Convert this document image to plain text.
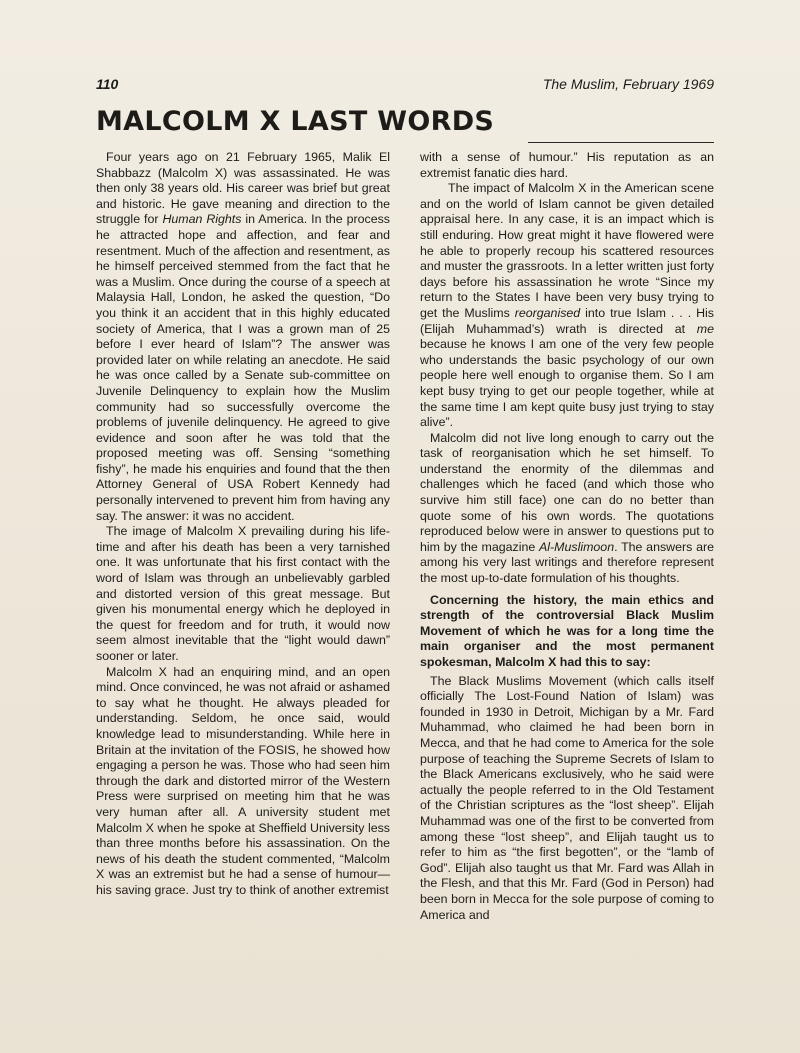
110	The Muslim, February 1969
MALCOLM X LAST WORDS

Four years ago on 21 February 1965, Malik El Shabbazz (Malcolm X) was assassinated. He was then only 38 years old. His career was brief but great and historic. He gave meaning and direction to the struggle for Human Rights in America. In the process he attracted hope and affection, and fear and resentment. Much of the affection and resentment, as he himself perceived stemmed from the fact that he was a Muslim. Once during the course of a speech at Malaysia Hall, London, he asked the question, “Do you think it an accident that in this highly educated society of America, that I was a grown man of 25 before I ever heard of Islam”? The answer was provided later on while relating an anecdote. He said he was once called by a Senate sub-committee on Juvenile Delinquency to explain how the Muslim community had so successfully overcome the problems of juvenile delinquency. He agreed to give evidence and soon after he was told that the proposed meeting was off. Sensing “something fishy”, he made his enquiries and found that the then Attorney General of USA Robert Kennedy had personally intervened to prevent him from having any say. The answer: it was no accident.

The image of Malcolm X prevailing during his life-time and after his death has been a very tarnished one. It was unfortunate that his first contact with the word of Islam was through an unbelievably garbled and distorted version of this great message. But given his monumental energy which he deployed in the quest for freedom and for truth, it would now seem almost inevitable that the “light would dawn” sooner or later.

Malcolm X had an enquiring mind, and an open mind. Once convinced, he was not afraid or ashamed to say what he thought. He always pleaded for understanding. Seldom, he once said, would knowledge lead to misunderstanding. While here in Britain at the invitation of the FOSIS, he showed how engaging a person he was. Those who had seen him through the dark and distorted mirror of the Western Press were surprised on meeting him that he was very human after all. A university student met Malcolm X when he spoke at Sheffield University less than three months before his assassination. On the news of his death the student commented, “Malcolm X was an extremist but he had a sense of humour—his saving grace. Just try to think of another extremist

with a sense of humour.” His reputation as an extremist fanatic dies hard.

The impact of Malcolm X in the American scene and on the world of Islam cannot be given detailed appraisal here. In any case, it is an impact which is still enduring. How great might it have flowered were he able to properly recoup his scattered resources and muster the grassroots. In a letter written just forty days before his assassination he wrote “Since my return to the States I have been very busy trying to get the Muslims reorganised into true Islam . . . His (Elijah Muhammad’s) wrath is directed at me because he knows I am one of the very few people who understands the basic psychology of our own people here well enough to organise them. So I am kept busy trying to get our people together, while at the same time I am kept quite busy just trying to stay alive”.

Malcolm did not live long enough to carry out the task of reorganisation which he set himself. To understand the enormity of the dilemmas and challenges which he faced (and which those who survive him still face) one can do no better than quote some of his own words. The quotations reproduced below were in answer to questions put to him by the magazine Al-Muslimoon. The answers are among his very last writings and therefore represent the most up-to-date formulation of his thoughts.

Concerning the history, the main ethics and strength of the controversial Black Muslim Movement of which he was for a long time the main organiser and the most permanent spokesman, Malcolm X had this to say:

The Black Muslims Movement (which calls itself officially The Lost-Found Nation of Islam) was founded in 1930 in Detroit, Michigan by a Mr. Fard Muhammad, who claimed he had been born in Mecca, and that he had come to America for the sole purpose of teaching the Supreme Secrets of Islam to the Black Americans exclusively, who he said were actually the people referred to in the Old Testament of the Christian scriptures as the “lost sheep”. Elijah Muhammad was one of the first to be converted from among these “lost sheep”, and Elijah taught us to refer to him as “the first begotten”, or the “lamb of God”. Elijah also taught us that Mr. Fard was Allah in the Flesh, and that this Mr. Fard (God in Person) had been born in Mecca for the sole purpose of coming to America and
